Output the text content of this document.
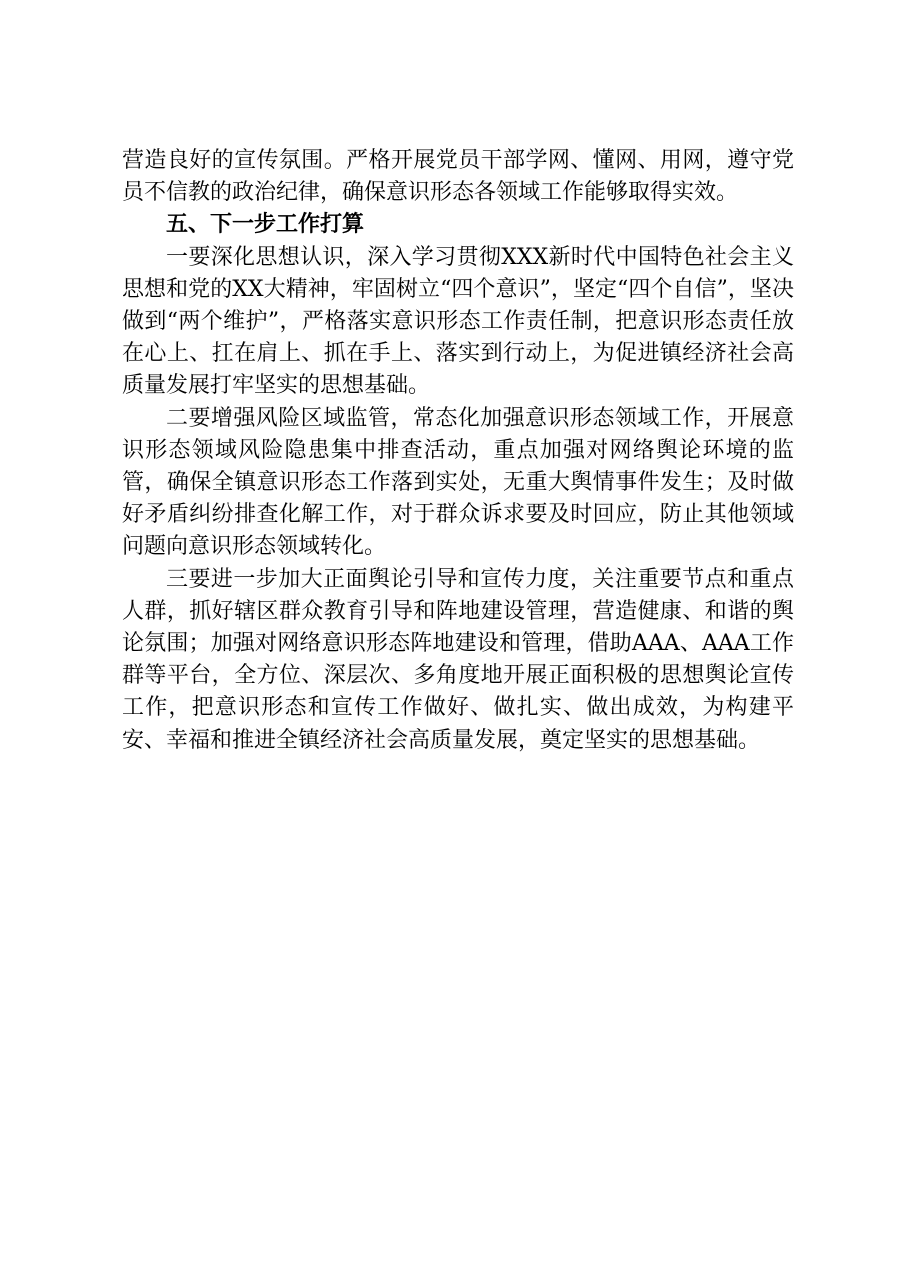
营造良好的宣传氛围。严格开展党员干部学网、懂网、用网，遵守党员不信教的政治纪律，确保意识形态各领域工作能够取得实效。

五、下一步工作打算

一要深化思想认识，深入学习贯彻XXX新时代中国特色社会主义思想和党的XX大精神，牢固树立“四个意识”，坚定“四个自信”，坚决做到“两个维护”，严格落实意识形态工作责任制，把意识形态责任放在心上、扛在肩上、抓在手上、落实到行动上，为促进镇经济社会高质量发展打牢坚实的思想基础。

二要增强风险区域监管，常态化加强意识形态领域工作，开展意识形态领域风险隐患集中排查活动，重点加强对网络舆论环境的监管，确保全镇意识形态工作落到实处，无重大舆情事件发生；及时做好矛盾纠纷排查化解工作，对于群众诉求要及时回应，防止其他领域问题向意识形态领域转化。

三要进一步加大正面舆论引导和宣传力度，关注重要节点和重点人群，抓好辖区群众教育引导和阵地建设管理，营造健康、和谐的舆论氛围；加强对网络意识形态阵地建设和管理，借助AAA、AAA工作群等平台，全方位、深层次、多角度地开展正面积极的思想舆论宣传工作，把意识形态和宣传工作做好、做扎实、做出成效，为构建平安、幸福和推进全镇经济社会高质量发展，奠定坚实的思想基础。
